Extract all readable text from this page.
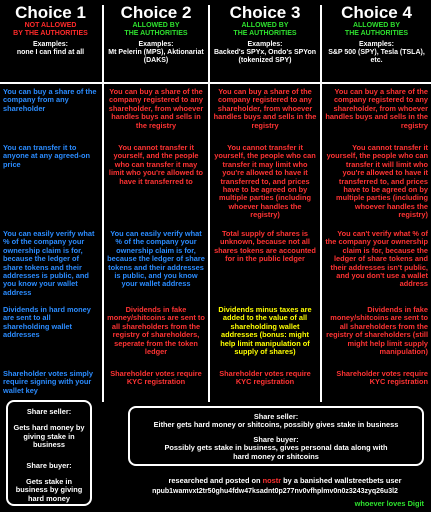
Choice 1
NOT ALLOWED
BY THE AUTHORITIES
Examples:
none I can find at all
Choice 2
ALLOWED BY
THE AUTHORITIES
Examples:
Mt Pelerin (MPS), Aktionariat (DAKS)
Choice 3
ALLOWED BY
THE AUTHORITIES
Examples:
Backed's SPYx, Ondo's SPYon (tokenized SPY)
Choice 4
ALLOWED BY
THE AUTHORITIES
Examples:
S&P 500 (SPY), Tesla (TSLA), etc.
You can buy a share of the company from any shareholder
You can buy a share of the company registered to any shareholder, from whoever handles buys and sells in the registry
You can buy a share of the company registered to any shareholder, from whoever handles buys and sells in the registry
You can buy a share of the company registered to any shareholder, from whoever handles buys and sells in the registry
You can transfer it to anyone at any agreed-on price
You cannot transfer it yourself, and the people who can transfer it may limit who you're allowed to have it transferred to
You cannot transfer it yourself, the people who can transfer it may limit who you're allowed to have it transferred to, and prices have to be agreed on by multiple parties (including whoever handles the registry)
You cannot transfer it yourself, the people who can transfer it will limit who you're allowed to have it transferred to, and prices have to be agreed on by multiple parties (including whoever handles the registry)
You can easily verify what % of the company your ownership claim is for, because the ledger of share tokens and their addresses is public, and you know your wallet address
You can easily verify what % of the company your ownership claim is for, because the ledger of share tokens and their addresses is public, and you know your wallet address
Total supply of shares is unknown, because not all shares tokens are accounted for in the public ledger
You can't verify what % of the company your ownership claim is for, because the ledger of share tokens and their addresses isn't public, and you don't use a wallet address
Dividends in hard money are sent to all shareholding wallet addresses
Dividends in fake money/shitcoins are sent to all shareholders from the registry of shareholders, seperate from the token ledger
Dividends minus taxes are added to the value of all shareholding wallet addresses (bonus: might help limit manipulation of supply of shares)
Dividends in fake money/shitcoins are sent to all shareholders from the registry of shareholders (still might help limit supply manipulation)
Shareholder votes simply require signing with your wallet key
Shareholder votes require KYC registration
Shareholder votes require KYC registration
Shareholder votes require KYC registration

Share seller:

Gets hard money by giving stake in business

Share buyer:

Gets stake in business by giving hard money

Share seller:

Either gets hard money or shitcoins, possibly gives stake in business

Share buyer:

Possibly gets stake in business, gives personal data along with hard money or shitcoins

researched and posted on nostr by a banished wallstreetbets user
npub1wamvxt2tr50ghu4fdw47ksadnt0p277nv0vfhplmv0n0z3243zyq26u3l2
whoever loves Digit
